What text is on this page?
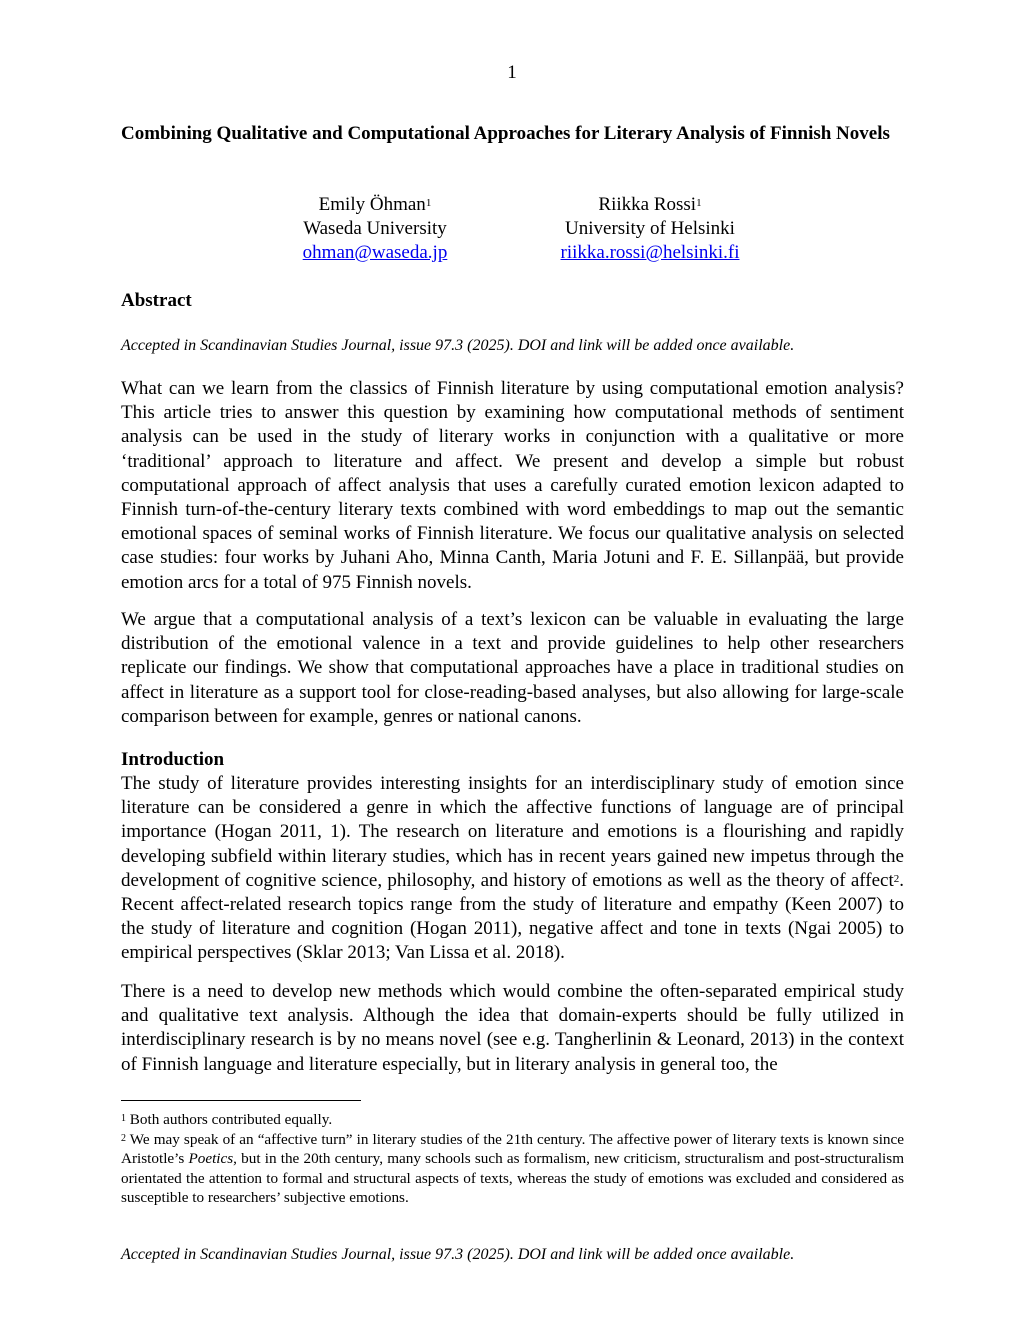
1
Combining Qualitative and Computational Approaches for Literary Analysis of Finnish Novels
Emily Öhman$^1$
Waseda University
ohman@waseda.jp
Riikka Rossi$^1$
University of Helsinki
riikka.rossi@helsinki.fi
Abstract
Accepted in Scandinavian Studies Journal, issue 97.3 (2025). DOI and link will be added once available.

What can we learn from the classics of Finnish literature by using computational emotion analysis? This article tries to answer this question by examining how computational methods of sentiment analysis can be used in the study of literary works in conjunction with a qualitative or more ‘traditional’ approach to literature and affect. We present and develop a simple but robust computational approach of affect analysis that uses a carefully curated emotion lexicon adapted to Finnish turn-of-the-century literary texts combined with word embeddings to map out the semantic emotional spaces of seminal works of Finnish literature. We focus our qualitative analysis on selected case studies: four works by Juhani Aho, Minna Canth, Maria Jotuni and F. E. Sillanpää, but provide emotion arcs for a total of 975 Finnish novels.

We argue that a computational analysis of a text’s lexicon can be valuable in evaluating the large distribution of the emotional valence in a text and provide guidelines to help other researchers replicate our findings. We show that computational approaches have a place in traditional studies on affect in literature as a support tool for close-reading-based analyses, but also allowing for large-scale comparison between for example, genres or national canons.

Introduction

The study of literature provides interesting insights for an interdisciplinary study of emotion since literature can be considered a genre in which the affective functions of language are of principal importance (Hogan 2011, 1). The research on literature and emotions is a flourishing and rapidly developing subfield within literary studies, which has in recent years gained new impetus through the development of cognitive science, philosophy, and history of emotions as well as the theory of affect$^2$. Recent affect-related research topics range from the study of literature and empathy (Keen 2007) to the study of literature and cognition (Hogan 2011), negative affect and tone in texts (Ngai 2005) to empirical perspectives (Sklar 2013; Van Lissa et al. 2018).

There is a need to develop new methods which would combine the often-separated empirical study and qualitative text analysis. Although the idea that domain-experts should be fully utilized in interdisciplinary research is by no means novel (see e.g. Tangherlinin & Leonard, 2013) in the context of Finnish language and literature especially, but in literary analysis in general too, the

$^1$ Both authors contributed equally.

$^2$ We may speak of an “affective turn” in literary studies of the 21th century. The affective power of literary texts is known since Aristotle’s Poetics, but in the 20th century, many schools such as formalism, new criticism, structuralism and post-structuralism orientated the attention to formal and structural aspects of texts, whereas the study of emotions was excluded and considered as susceptible to researchers’ subjective emotions.

Accepted in Scandinavian Studies Journal, issue 97.3 (2025). DOI and link will be added once available.
